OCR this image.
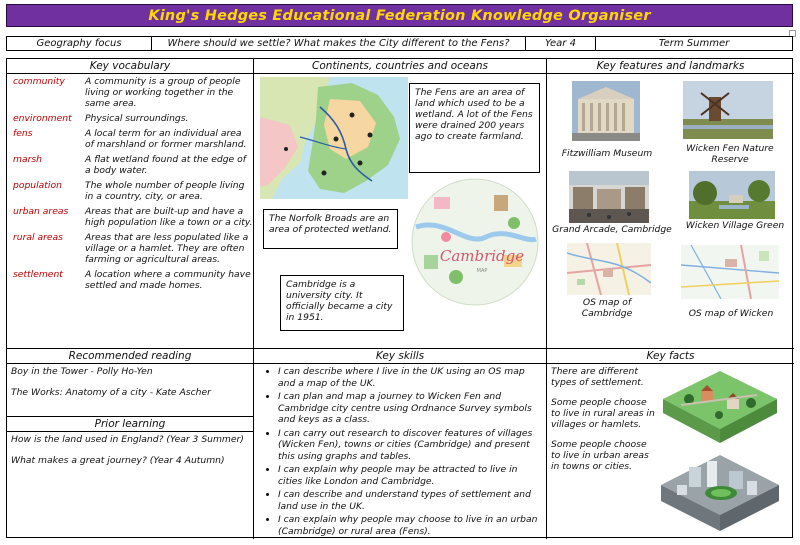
King's Hedges Educational Federation Knowledge Organiser
Geography focus	Where should we settle? What makes the City different to the Fens?	Year 4	Term Summer
Key vocabulary
community	A community is a group of people living or working together in the same area.
environment	Physical surroundings.
fens	A local term for an individual area of marshland or former marshland.
marsh	A flat wetland found at the edge of a body water.
population	The whole number of people living in a country, city, or area.
urban areas	Areas that are built-up and have a high population like a town or a city.
rural areas	Areas that are less populated like a village or a hamlet. They are often farming or agricultural areas.
settlement	A location where a community have settled and made homes.
Continents, countries and oceans
The Fens are an area of land which used to be a wetland. A lot of the Fens were drained 200 years ago to create farmland.
Cambridge
MAP
The Norfolk Broads are an area of protected wetland.
Cambridge is a university city. It officially became a city in 1951.
Key features and landmarks
Fitzwilliam Museum	Wicken Fen Nature Reserve
Grand Arcade, Cambridge	Wicken Village Green
OS map of Cambridge	OS map of Wicken
Recommended reading

Boy in the Tower - Polly Ho-Yen

The Works: Anatomy of a city - Kate Ascher

Prior learning

How is the land used in England? (Year 3 Summer)

What makes a great journey? (Year 4 Autumn)

Key skills
• I can describe where I live in the UK using an OS map and a map of the UK.
• I can plan and map a journey to Wicken Fen and Cambridge city centre using Ordnance Survey symbols and keys as a class.
• I can carry out research to discover features of villages (Wicken Fen), towns or cities (Cambridge) and present this using graphs and tables.
• I can explain why people may be attracted to live in cities like London and Cambridge.
• I can describe and understand types of settlement and land use in the UK.
• I can explain why people may choose to live in an urban (Cambridge) or rural area (Fens).
Key facts

There are different types of settlement.

Some people choose to live in rural areas in villages or hamlets.

Some people choose to live in urban areas in towns or cities.
